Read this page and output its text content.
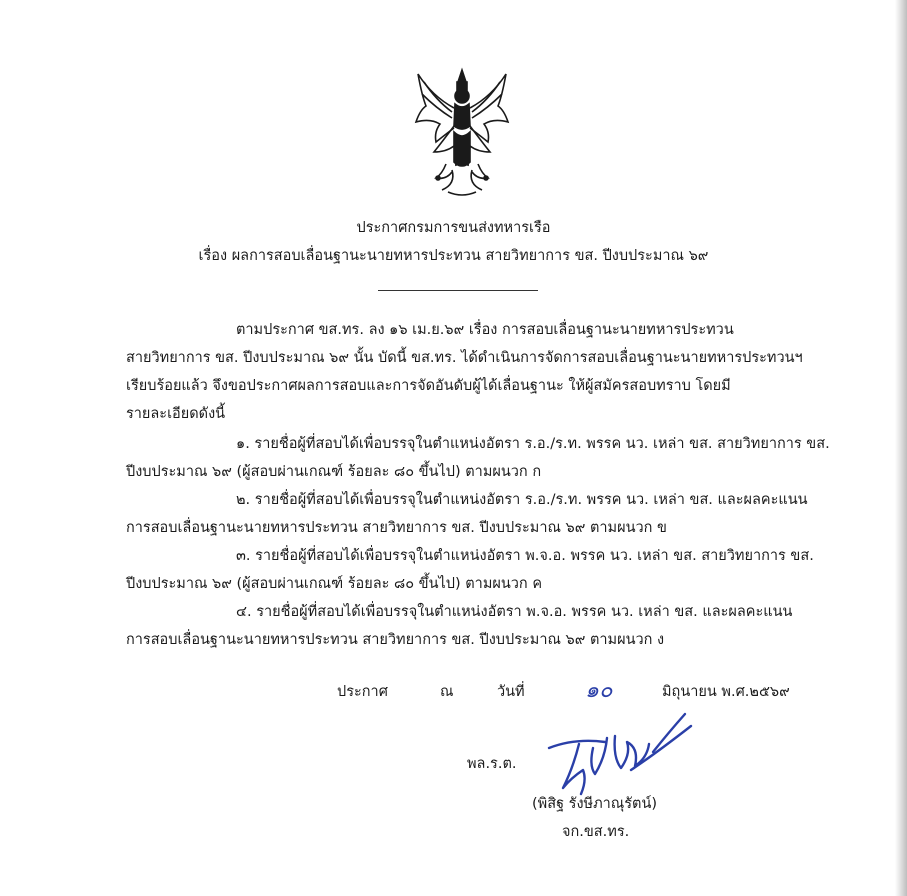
ประกาศกรมการขนส่งทหารเรือ
เรื่อง ผลการสอบเลื่อนฐานะนายทหารประทวน สายวิทยาการ ขส. ปีงบประมาณ ๖๙

ตามประกาศ ขส.ทร. ลง ๑๖ เม.ย.๖๙ เรื่อง การสอบเลื่อนฐานะนายทหารประทวน

สายวิทยาการ ขส. ปีงบประมาณ ๖๙ นั้น บัดนี้ ขส.ทร. ได้ดำเนินการจัดการสอบเลื่อนฐานะนายทหารประทวนฯ

เรียบร้อยแล้ว จึงขอประกาศผลการสอบและการจัดอันดับผู้ได้เลื่อนฐานะ ให้ผู้สมัครสอบทราบ โดยมี

รายละเอียดดังนี้

๑. รายชื่อผู้ที่สอบได้เพื่อบรรจุในตำแหน่งอัตรา ร.อ./ร.ท. พรรค นว. เหล่า ขส. สายวิทยาการ ขส.

ปีงบประมาณ ๖๙ (ผู้สอบผ่านเกณฑ์ ร้อยละ ๘๐ ขึ้นไป) ตามผนวก ก

๒. รายชื่อผู้ที่สอบได้เพื่อบรรจุในตำแหน่งอัตรา ร.อ./ร.ท. พรรค นว. เหล่า ขส. และผลคะแนน

การสอบเลื่อนฐานะนายทหารประทวน สายวิทยาการ ขส. ปีงบประมาณ ๖๙ ตามผนวก ข

๓. รายชื่อผู้ที่สอบได้เพื่อบรรจุในตำแหน่งอัตรา พ.จ.อ. พรรค นว. เหล่า ขส. สายวิทยาการ ขส.

ปีงบประมาณ ๖๙ (ผู้สอบผ่านเกณฑ์ ร้อยละ ๘๐ ขึ้นไป) ตามผนวก ค

๔. รายชื่อผู้ที่สอบได้เพื่อบรรจุในตำแหน่งอัตรา พ.จ.อ. พรรค นว. เหล่า ขส. และผลคะแนน

การสอบเลื่อนฐานะนายทหารประทวน สายวิทยาการ ขส. ปีงบประมาณ ๖๙ ตามผนวก ง

ประกาศ	ณ	วันที่	๑๐	มิถุนายน พ.ศ.๒๕๖๙
พล.ร.ต.
(พิสิฐ รังษีภาณุรัตน์)
จก.ขส.ทร.
